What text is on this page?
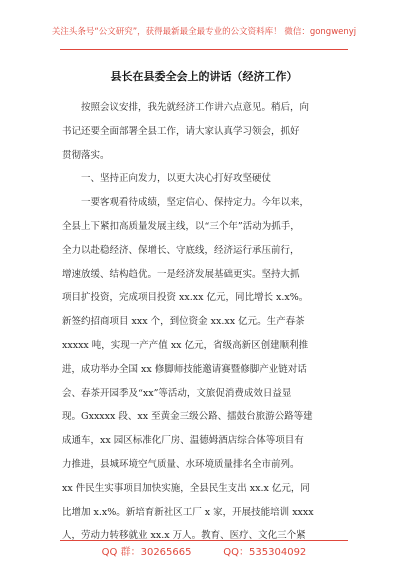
关注头条号“公文研究”，获得最新最全最专业的公文资料库！ 微信：gongwenyj
县长在县委全会上的讲话（经济工作）
按照会议安排，我先就经济工作讲六点意见。稍后，向
书记还要全面部署全县工作，请大家认真学习领会，抓好
贯彻落实。
一、坚持正向发力，以更大决心打好攻坚硬仗
一要客观看待成绩，坚定信心、保持定力。今年以来，
全县上下紧扣高质量发展主线，以“三个年”活动为抓手，
全力以赴稳经济、保增长、守底线，经济运行承压前行，
增速放缓、结构趋优。一是经济发展基础更实。坚持大抓
项目扩投资，完成项目投资 xx.xx 亿元，同比增长 x.x%。
新签约招商项目 xxx 个，到位资金 xx.xx 亿元。生产春茶
xxxxx 吨，实现一产产值 xx 亿元，省级高新区创建顺利推
进，成功举办全国 xx 修脚师技能邀请赛暨修脚产业链对话
会、春茶开园季及“xx”等活动，文旅促消费成效日益显
现。Gxxxxx 段、xx 至黄金三级公路、擂鼓台旅游公路等建
成通车，xx 园区标准化厂房、温德姆酒店综合体等项目有
力推进，县城环境空气质量、水环境质量排名全市前列。
xx 件民生实事项目加快实施，全县民生支出 xx.x 亿元，同
比增加 x.x%。新培育新社区工厂 x 家，开展技能培训 xxxx
人，劳动力转移就业 xx.x 万人。教育、医疗、文化三个紧
QQ 群：30265665	QQ：535304092
